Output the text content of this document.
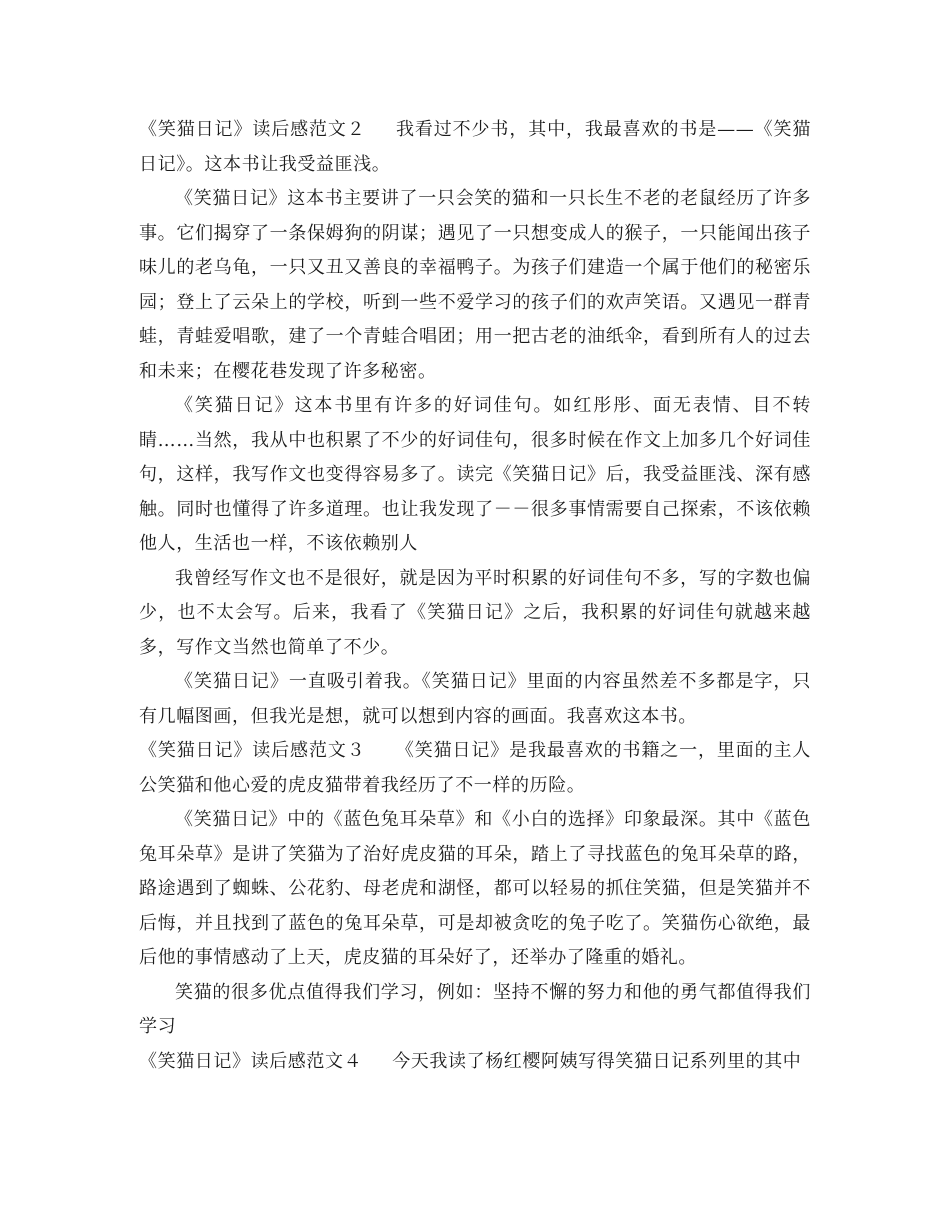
《笑猫日记》读后感范文２ 我看过不少书，其中，我最喜欢的书是——《笑猫日记》。这本书让我受益匪浅。

《笑猫日记》这本书主要讲了一只会笑的猫和一只长生不老的老鼠经历了许多事。它们揭穿了一条保姆狗的阴谋；遇见了一只想变成人的猴子，一只能闻出孩子味儿的老乌龟，一只又丑又善良的幸福鸭子。为孩子们建造一个属于他们的秘密乐园；登上了云朵上的学校，听到一些不爱学习的孩子们的欢声笑语。又遇见一群青蛙，青蛙爱唱歌，建了一个青蛙合唱团；用一把古老的油纸伞，看到所有人的过去和未来；在樱花巷发现了许多秘密。

《笑猫日记》这本书里有许多的好词佳句。如红彤彤、面无表情、目不转睛……当然，我从中也积累了不少的好词佳句，很多时候在作文上加多几个好词佳句，这样，我写作文也变得容易多了。读完《笑猫日记》后，我受益匪浅、深有感触。同时也懂得了许多道理。也让我发现了－－很多事情需要自己探索，不该依赖他人，生活也一样，不该依赖别人

我曾经写作文也不是很好，就是因为平时积累的好词佳句不多，写的字数也偏少，也不太会写。后来，我看了《笑猫日记》之后，我积累的好词佳句就越来越多，写作文当然也简单了不少。

《笑猫日记》一直吸引着我。《笑猫日记》里面的内容虽然差不多都是字，只有几幅图画，但我光是想，就可以想到内容的画面。我喜欢这本书。

《笑猫日记》读后感范文３ 《笑猫日记》是我最喜欢的书籍之一，里面的主人公笑猫和他心爱的虎皮猫带着我经历了不一样的历险。

《笑猫日记》中的《蓝色兔耳朵草》和《小白的选择》印象最深。其中《蓝色兔耳朵草》是讲了笑猫为了治好虎皮猫的耳朵，踏上了寻找蓝色的兔耳朵草的路，路途遇到了蜘蛛、公花豹、母老虎和湖怪，都可以轻易的抓住笑猫，但是笑猫并不后悔，并且找到了蓝色的兔耳朵草，可是却被贪吃的兔子吃了。笑猫伤心欲绝，最后他的事情感动了上天，虎皮猫的耳朵好了，还举办了隆重的婚礼。

笑猫的很多优点值得我们学习，例如：坚持不懈的努力和他的勇气都值得我们学习

《笑猫日记》读后感范文４ 今天我读了杨红樱阿姨写得笑猫日记系列里的其中
